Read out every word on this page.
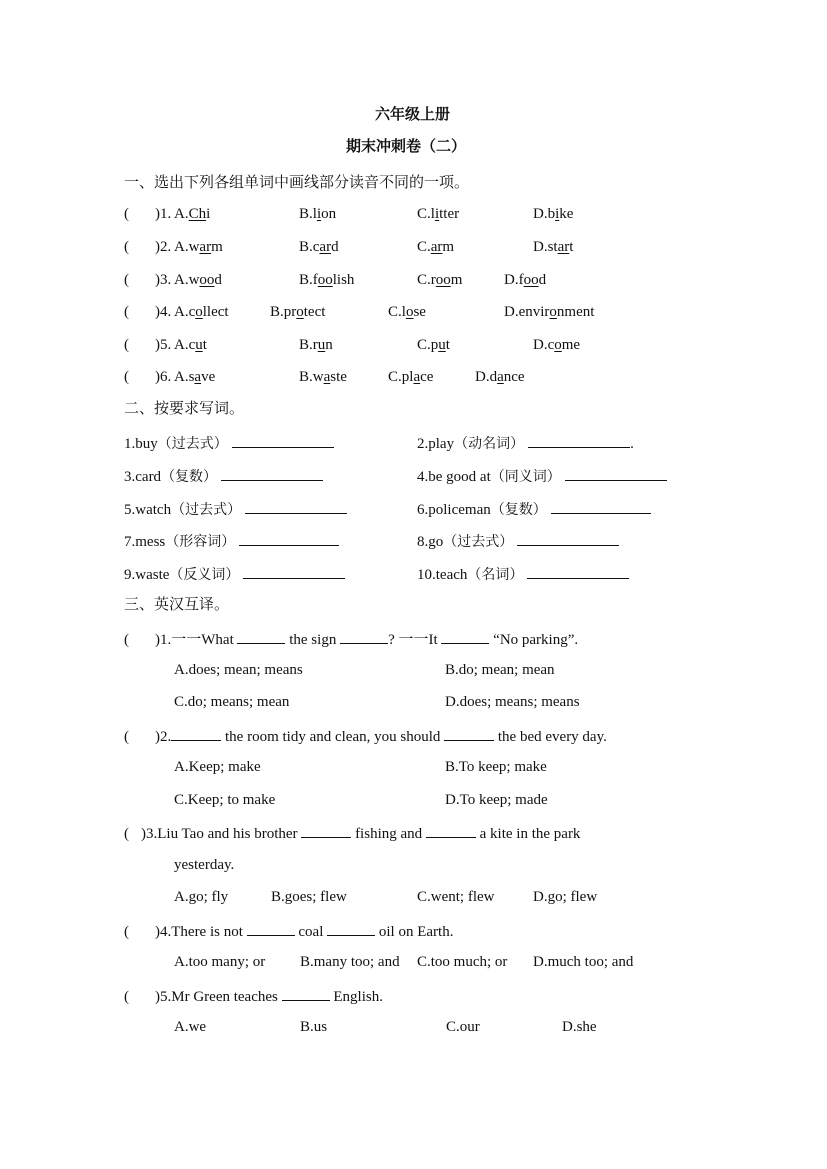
六年级上册
期末冲刺卷（二）
一、选出下列各组单词中画线部分读音不同的一项。
( )1. A.Chi	B.lion	C.litter	D.bike
( )2. A.warm	B.card	C.arm	D.start
( )3. A.wood	B.foolish	C.room	D.food
( )4. A.collect	B.protect	C.lose	D.environment
( )5. A.cut	B.run	C.put	D.come
( )6. A.save	B.waste	C.place	D.dance
二、按要求写词。
1.buy（过去式）	2.play（动名词）	.
3.card（复数）	4.be good at（同义词）
5.watch（过去式）	6.policeman（复数）
7.mess（形容词）	8.go（过去式）
9.waste（反义词）	10.teach（名词）
三、英汉互译。
( )1.一一What	the sign	? 一一It	“No parking”.
A.does; mean; means	B.do; mean; mean
C.do; means; mean	D.does; means; means
( )2.	the room tidy and clean, you should	the bed every day.
A.Keep; make	B.To keep; make
C.Keep; to make	D.To keep; made
( )3.Liu Tao and his brother	fishing and	a kite in the park
yesterday.
A.go; fly	B.goes; flew	C.went; flew	D.go; flew
( )4.There is not	coal	oil on Earth.
A.too many; or B.many too; and C.too much; or D.much too; and
( )5.Mr Green teaches	English.
A.we	B.us	C.our	D.she
